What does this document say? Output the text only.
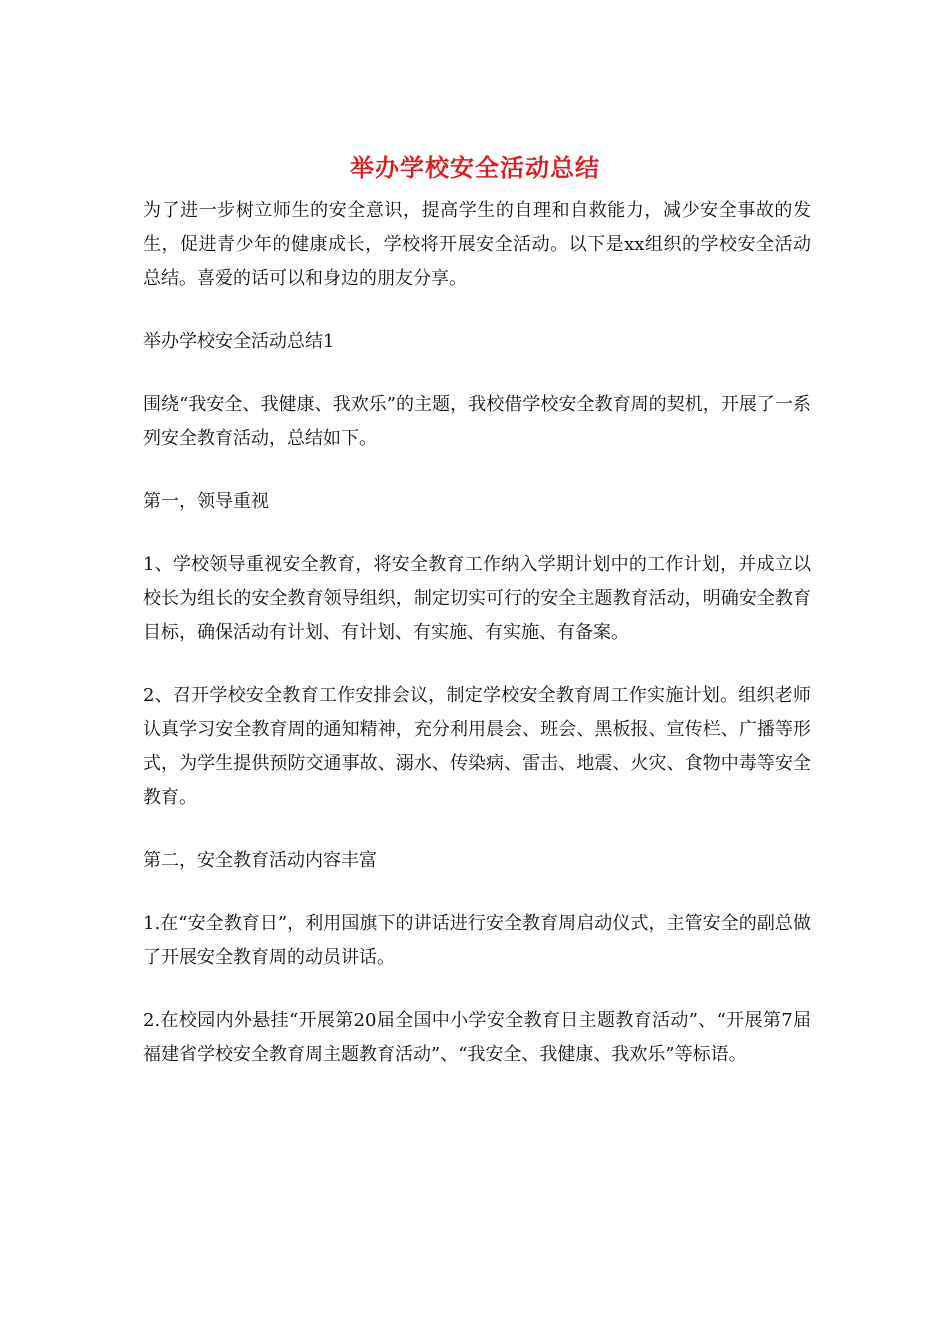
举办学校安全活动总结

为了进一步树立师生的安全意识，提高学生的自理和自救能力，减少安全事故的发生，促进青少年的健康成长，学校将开展安全活动。以下是xx组织的学校安全活动总结。喜爱的话可以和身边的朋友分享。

举办学校安全活动总结1

围绕“我安全、我健康、我欢乐”的主题，我校借学校安全教育周的契机，开展了一系列安全教育活动，总结如下。

第一，领导重视

1、学校领导重视安全教育，将安全教育工作纳入学期计划中的工作计划，并成立以校长为组长的安全教育领导组织，制定切实可行的安全主题教育活动，明确安全教育目标，确保活动有计划、有计划、有实施、有实施、有备案。

2、召开学校安全教育工作安排会议，制定学校安全教育周工作实施计划。组织老师认真学习安全教育周的通知精神，充分利用晨会、班会、黑板报、宣传栏、广播等形式，为学生提供预防交通事故、溺水、传染病、雷击、地震、火灾、食物中毒等安全教育。

第二，安全教育活动内容丰富

1.在“安全教育日”，利用国旗下的讲话进行安全教育周启动仪式，主管安全的副总做了开展安全教育周的动员讲话。

2.在校园内外悬挂“开展第20届全国中小学安全教育日主题教育活动”、“开展第7届福建省学校安全教育周主题教育活动”、“我安全、我健康、我欢乐”等标语。
